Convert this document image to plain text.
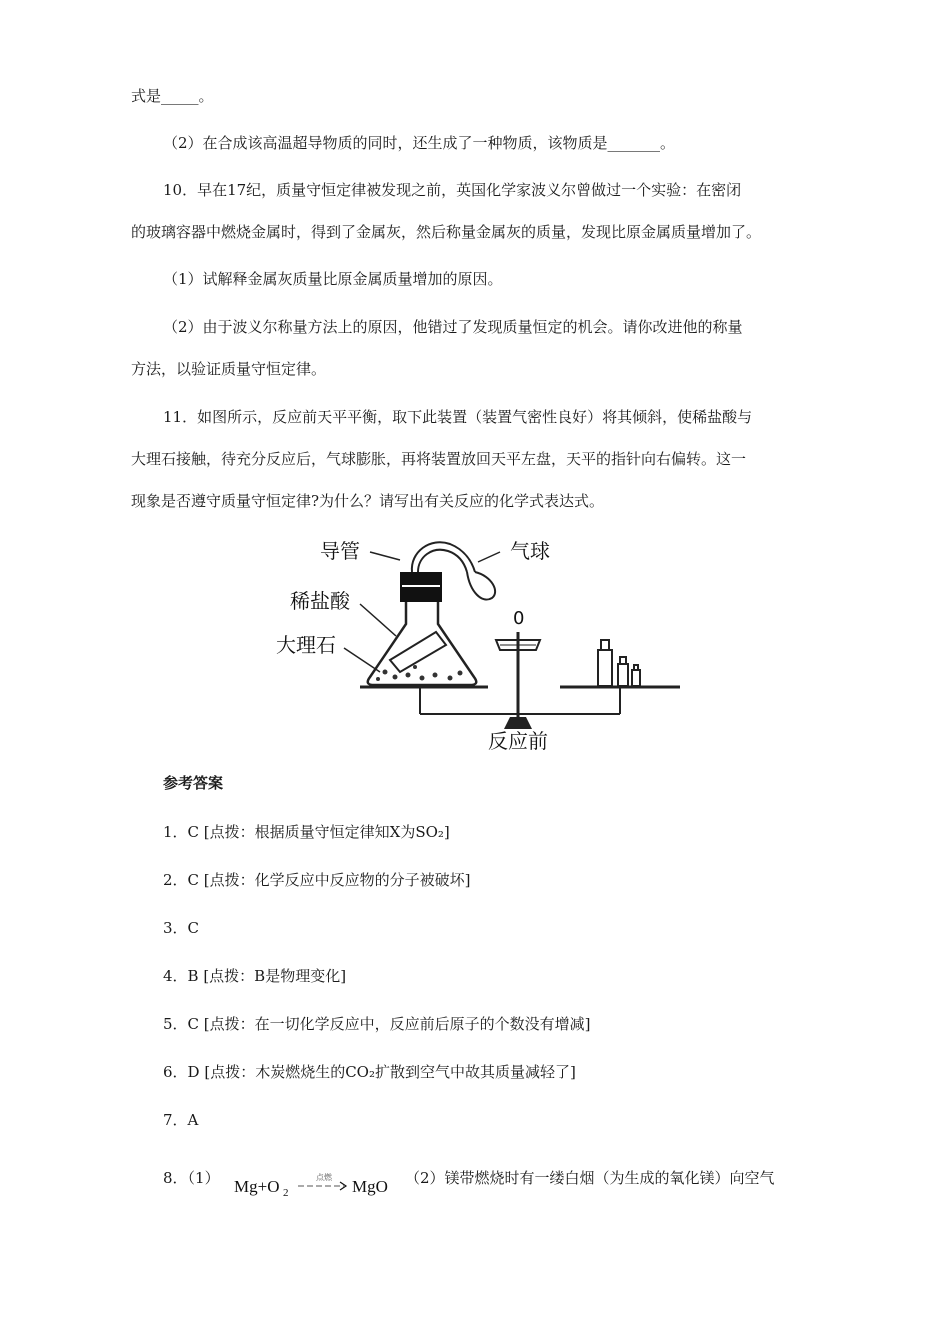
式是_____。
（2）在合成该高温超导物质的同时，还生成了一种物质，该物质是_______。
10．早在17纪，质量守恒定律被发现之前，英国化学家波义尔曾做过一个实验：在密闭
的玻璃容器中燃烧金属时，得到了金属灰，然后称量金属灰的质量，发现比原金属质量增加了。
（1）试解释金属灰质量比原金属质量增加的原因。
（2）由于波义尔称量方法上的原因，他错过了发现质量恒定的机会。请你改进他的称量
方法，以验证质量守恒定律。
11．如图所示，反应前天平平衡，取下此装置（装置气密性良好）将其倾斜，使稀盐酸与
大理石接触，待充分反应后，气球膨胀，再将装置放回天平左盘，天平的指针向右偏转。这一
现象是否遵守质量守恒定律?为什么？请写出有关反应的化学式表达式。
导管	气球
稀盐酸
大理石
0
反应前
参考答案
1．C [点拨：根据质量守恒定律知X为SO₂]
2．C [点拨：化学反应中反应物的分子被破坏]
3．C
4．B [点拨：B是物理变化]
5．C [点拨：在一切化学反应中，反应前后原子的个数没有增减]
6．D [点拨：木炭燃烧生的CO₂扩散到空气中故其质量减轻了]
7．A
8．（1） Mg+O 2
点燃 MgO （2）镁带燃烧时有一缕白烟（为生成的氧化镁）向空气
